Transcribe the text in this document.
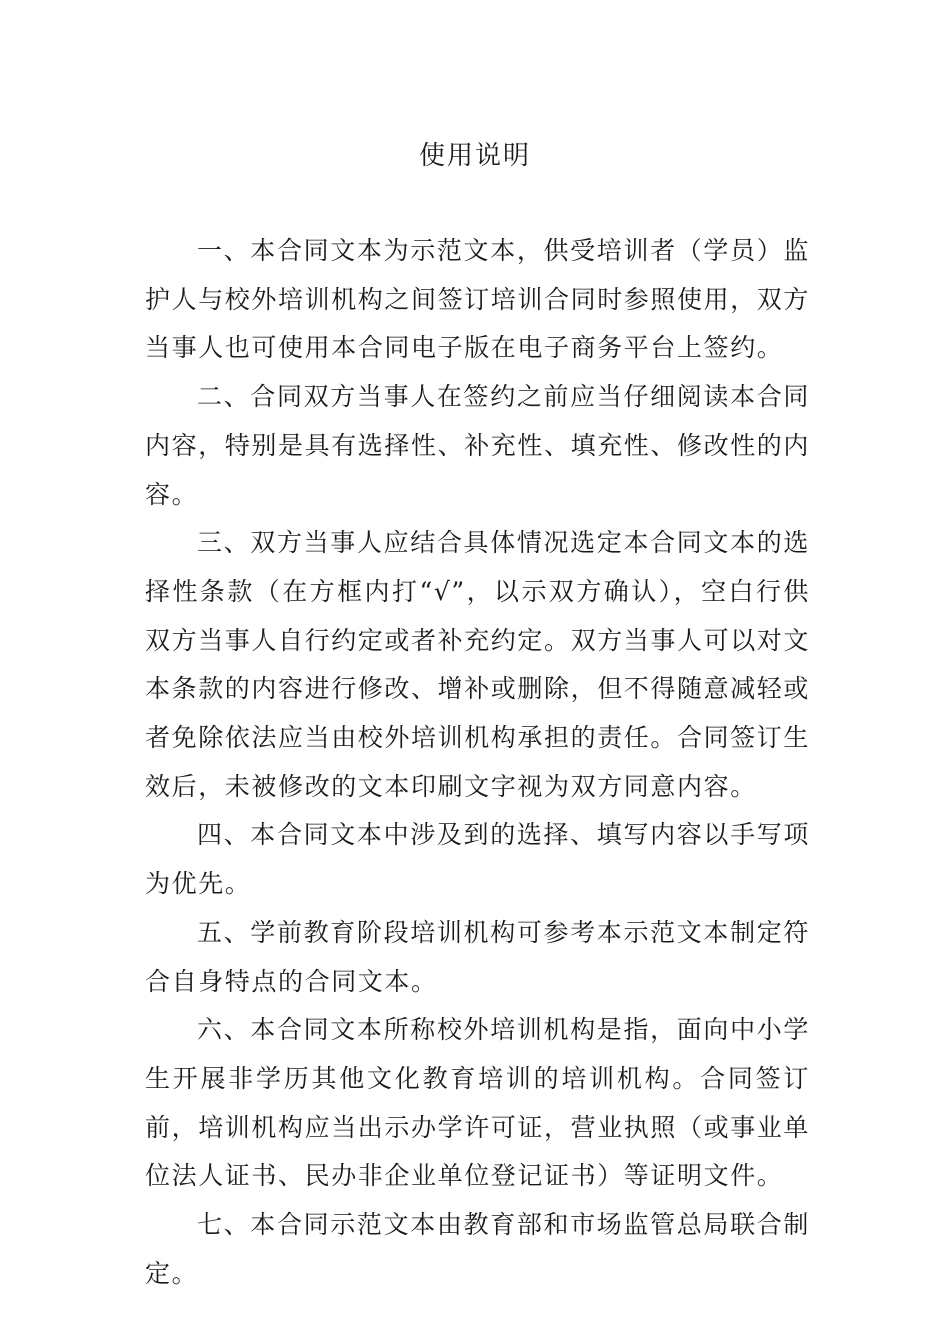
使用说明

一、本合同文本为示范文本，供受培训者（学员）监护人与校外培训机构之间签订培训合同时参照使用，双方当事人也可使用本合同电子版在电子商务平台上签约。

二、合同双方当事人在签约之前应当仔细阅读本合同内容，特别是具有选择性、补充性、填充性、修改性的内容。

三、双方当事人应结合具体情况选定本合同文本的选择性条款（在方框内打“√”，以示双方确认），空白行供双方当事人自行约定或者补充约定。双方当事人可以对文本条款的内容进行修改、增补或删除，但不得随意减轻或者免除依法应当由校外培训机构承担的责任。合同签订生效后，未被修改的文本印刷文字视为双方同意内容。

四、本合同文本中涉及到的选择、填写内容以手写项为优先。

五、学前教育阶段培训机构可参考本示范文本制定符合自身特点的合同文本。

六、本合同文本所称校外培训机构是指，面向中小学生开展非学历其他文化教育培训的培训机构。合同签订前，培训机构应当出示办学许可证，营业执照（或事业单位法人证书、民办非企业单位登记证书）等证明文件。

七、本合同示范文本由教育部和市场监管总局联合制定。
